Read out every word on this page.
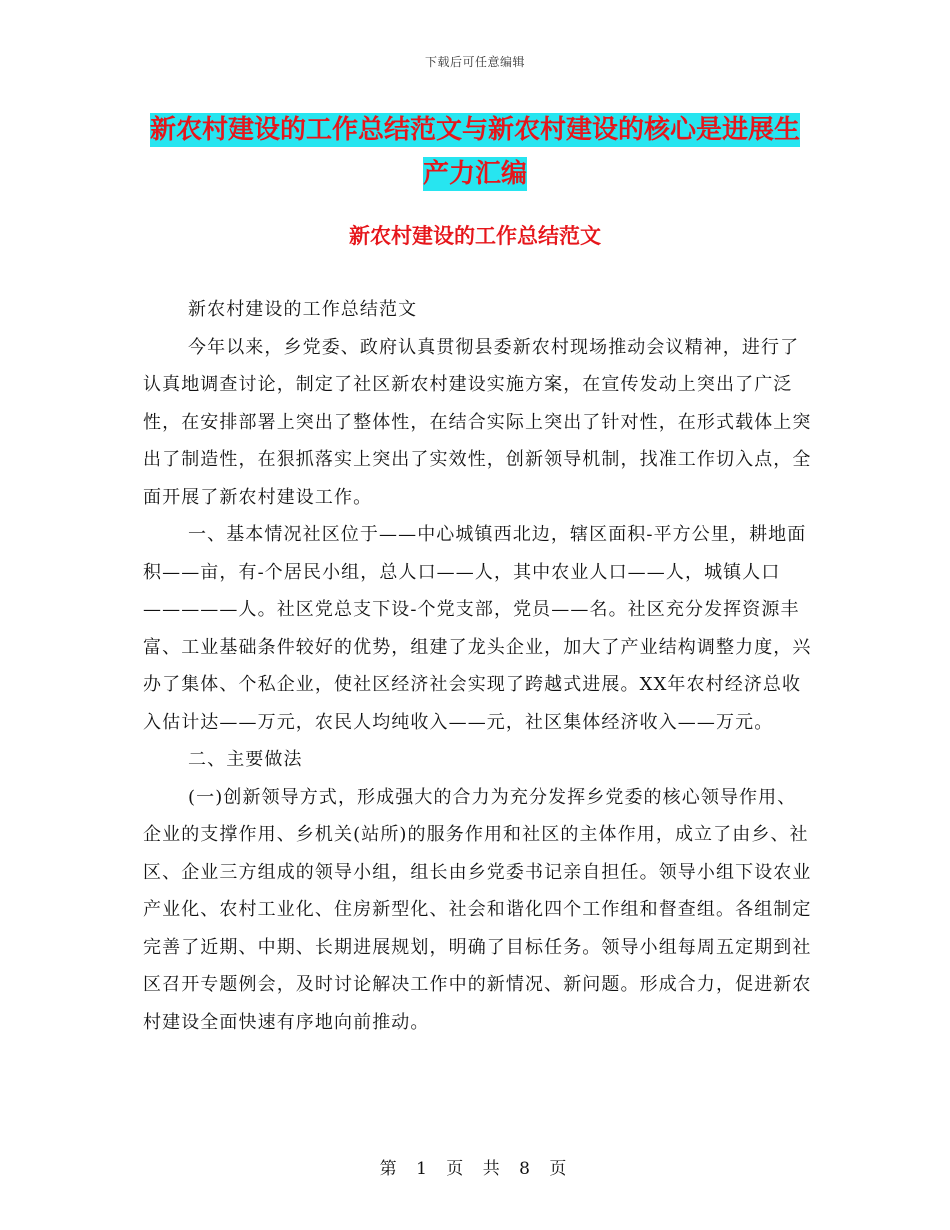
下载后可任意编辑
新农村建设的工作总结范文与新农村建设的核心是进展生产力汇编
新农村建设的工作总结范文

新农村建设的工作总结范文

今年以来，乡党委、政府认真贯彻县委新农村现场推动会议精神，进行了认真地调查讨论，制定了社区新农村建设实施方案，在宣传发动上突出了广泛性，在安排部署上突出了整体性，在结合实际上突出了针对性，在形式载体上突出了制造性，在狠抓落实上突出了实效性，创新领导机制，找准工作切入点，全面开展了新农村建设工作。

一、基本情况社区位于——中心城镇西北边，辖区面积-平方公里，耕地面积——亩，有-个居民小组，总人口——人，其中农业人口——人，城镇人口—————人。社区党总支下设-个党支部，党员——名。社区充分发挥资源丰富、工业基础条件较好的优势，组建了龙头企业，加大了产业结构调整力度，兴办了集体、个私企业，使社区经济社会实现了跨越式进展。XX年农村经济总收入估计达——万元，农民人均纯收入——元，社区集体经济收入——万元。

二、主要做法

(一)创新领导方式，形成强大的合力为充分发挥乡党委的核心领导作用、企业的支撑作用、乡机关(站所)的服务作用和社区的主体作用，成立了由乡、社区、企业三方组成的领导小组，组长由乡党委书记亲自担任。领导小组下设农业产业化、农村工业化、住房新型化、社会和谐化四个工作组和督查组。各组制定完善了近期、中期、长期进展规划，明确了目标任务。领导小组每周五定期到社区召开专题例会，及时讨论解决工作中的新情况、新问题。形成合力，促进新农村建设全面快速有序地向前推动。

第 1 页 共 8 页
